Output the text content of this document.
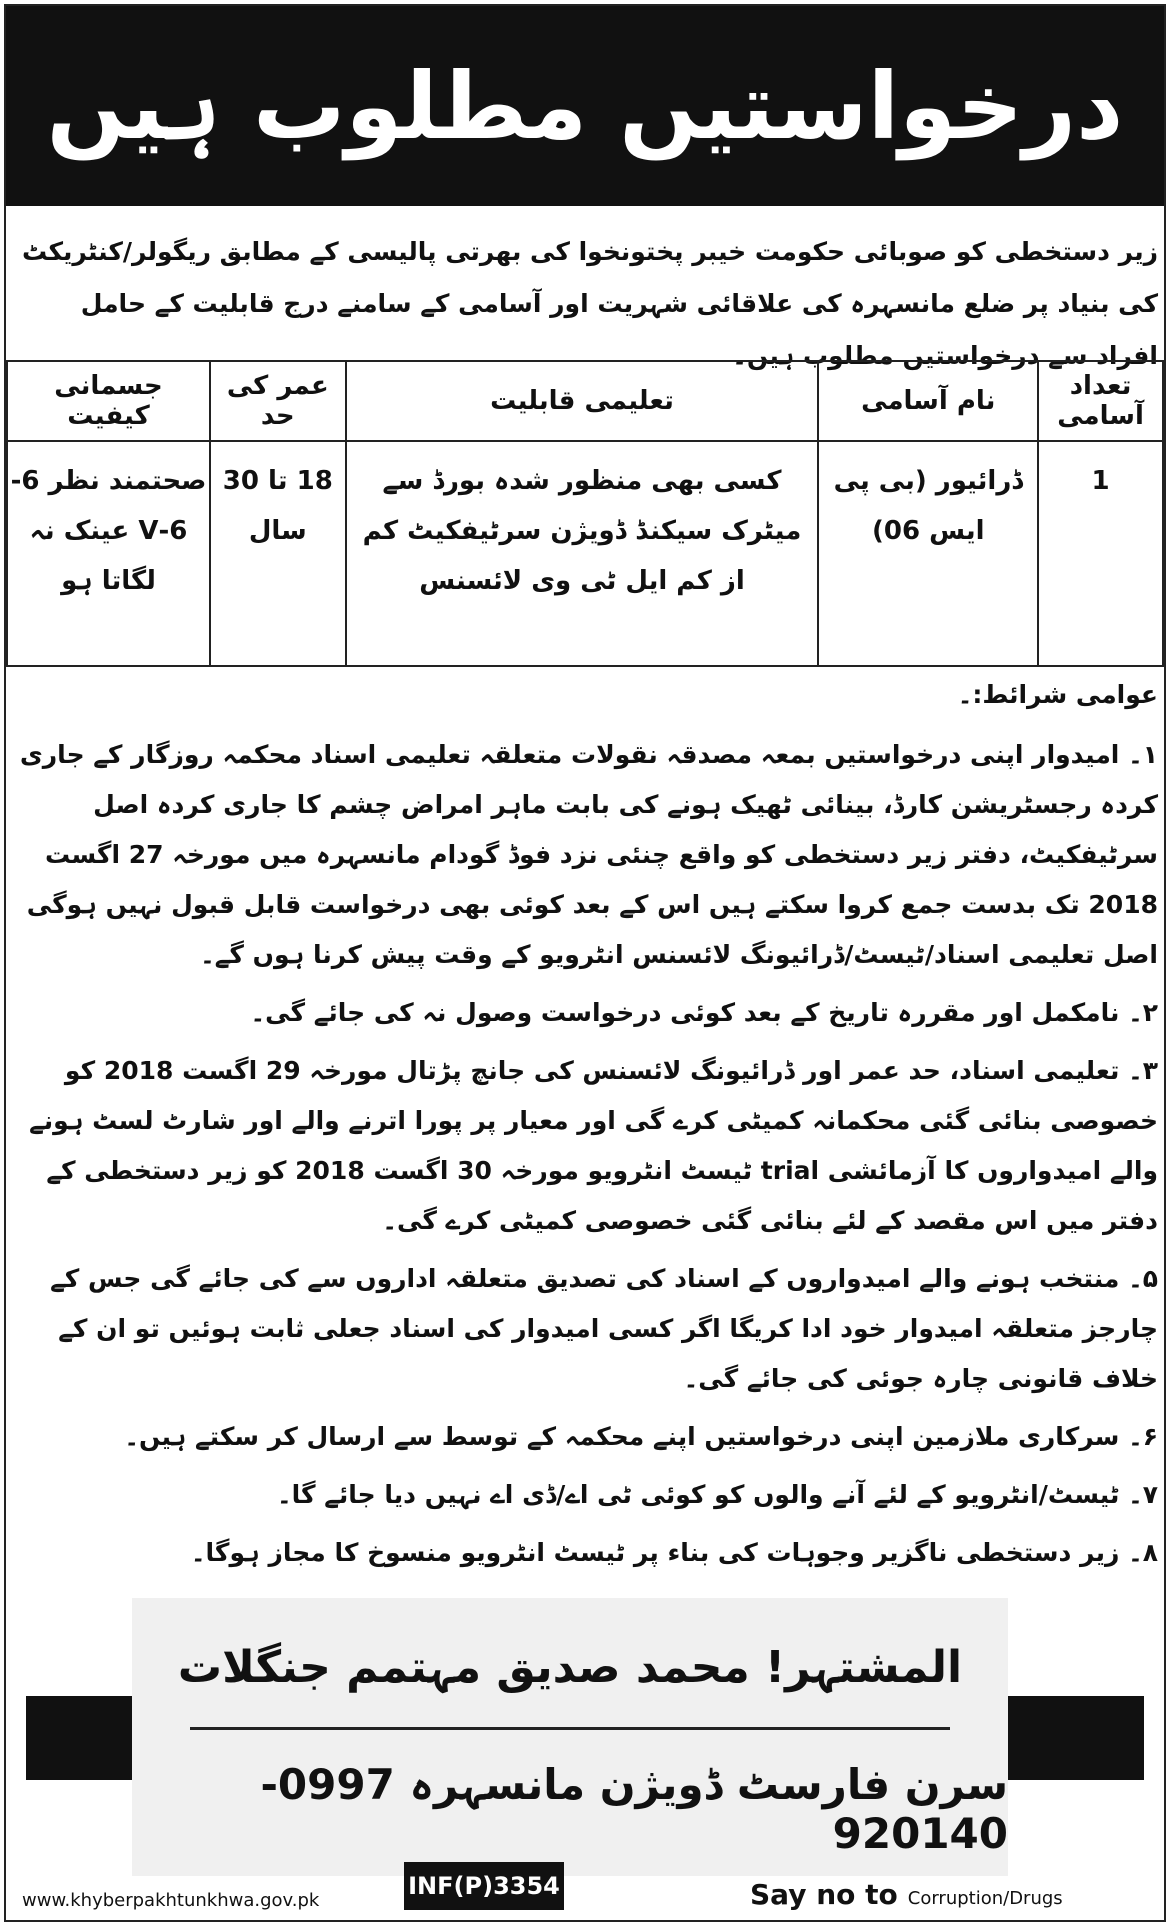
درخواستیں مطلوب ہیں
زیر دستخطی کو صوبائی حکومت خیبر پختونخوا کی بھرتی پالیسی کے مطابق ریگولر/کنٹریکٹ کی بنیاد پر ضلع مانسہرہ کی علاقائی شہریت اور آسامی کے سامنے درج قابلیت کے حامل افراد سے درخواستیں مطلوب ہیں۔
تعداد آسامی	نام آسامی	تعلیمی قابلیت	عمر کی حد	جسمانی کیفیت
1	ڈرائیور (بی پی ایس 06)	کسی بھی منظور شدہ بورڈ سے میٹرک سیکنڈ ڈویژن سرٹیفکیٹ کم از کم ایل ٹی وی لائسنس	18 تا 30 سال	صحتمند نظر 6-6-V عینک نہ لگاتا ہو
عوامی شرائط:۔
۱۔ امیدوار اپنی درخواستیں بمعہ مصدقہ نقولات متعلقہ تعلیمی اسناد محکمہ روزگار کے جاری کردہ رجسٹریشن کارڈ، بینائی ٹھیک ہونے کی بابت ماہر امراض چشم کا جاری کردہ اصل سرٹیفکیٹ، دفتر زیر دستخطی کو واقع چنئی نزد فوڈ گودام مانسہرہ میں مورخہ 27 اگست 2018 تک بدست جمع کروا سکتے ہیں اس کے بعد کوئی بھی درخواست قابل قبول نہیں ہوگی اصل تعلیمی اسناد/ٹیسٹ/ڈرائیونگ لائسنس انٹرویو کے وقت پیش کرنا ہوں گے۔
۲۔ نامکمل اور مقررہ تاریخ کے بعد کوئی درخواست وصول نہ کی جائے گی۔
۳۔ تعلیمی اسناد، حد عمر اور ڈرائیونگ لائسنس کی جانچ پڑتال مورخہ 29 اگست 2018 کو خصوصی بنائی گئی محکمانہ کمیٹی کرے گی اور معیار پر پورا اترنے والے اور شارٹ لسٹ ہونے والے امیدواروں کا آزمائشی trial ٹیسٹ انٹرویو مورخہ 30 اگست 2018 کو زیر دستخطی کے دفتر میں اس مقصد کے لئے بنائی گئی خصوصی کمیٹی کرے گی۔
۵۔ منتخب ہونے والے امیدواروں کے اسناد کی تصدیق متعلقہ اداروں سے کی جائے گی جس کے چارجز متعلقہ امیدوار خود ادا کریگا اگر کسی امیدوار کی اسناد جعلی ثابت ہوئیں تو ان کے خلاف قانونی چارہ جوئی کی جائے گی۔
۶۔ سرکاری ملازمین اپنی درخواستیں اپنے محکمہ کے توسط سے ارسال کر سکتے ہیں۔
۷۔ ٹیسٹ/انٹرویو کے لئے آنے والوں کو کوئی ٹی اے/ڈی اے نہیں دیا جائے گا۔
۸۔ زیر دستخطی ناگزیر وجوہات کی بناء پر ٹیسٹ انٹرویو منسوخ کا مجاز ہوگا۔
المشتہر! محمد صدیق مہتمم جنگلات
سرن فارسٹ ڈویژن مانسہرہ 0997-920140
www.khyberpakhtunkhwa.gov.pk
INF(P)3354	Say no to Corruption/Drugs
